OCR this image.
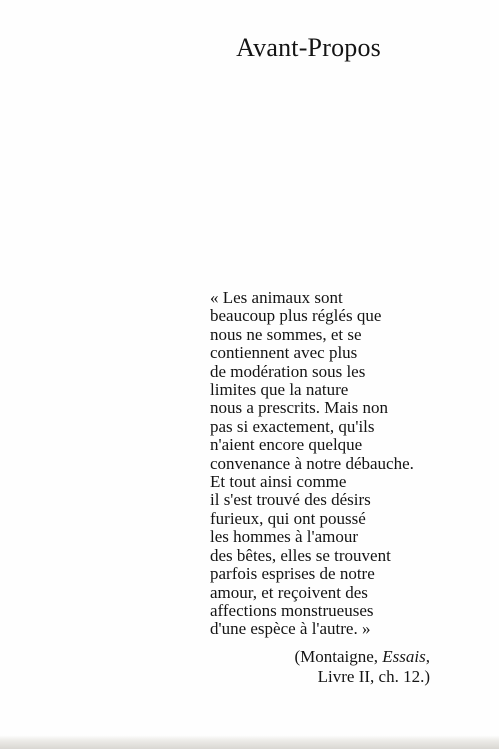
Avant-Propos
« Les animaux sont
beaucoup plus réglés que
nous ne sommes, et se
contiennent avec plus
de modération sous les
limites que la nature
nous a prescrits. Mais non
pas si exactement, qu'ils
n'aient encore quelque
convenance à notre débauche.
Et tout ainsi comme
il s'est trouvé des désirs
furieux, qui ont poussé
les hommes à l'amour
des bêtes, elles se trouvent
parfois esprises de notre
amour, et reçoivent des
affections monstrueuses
d'une espèce à l'autre. »
(Montaigne, Essais,
Livre II, ch. 12.)
